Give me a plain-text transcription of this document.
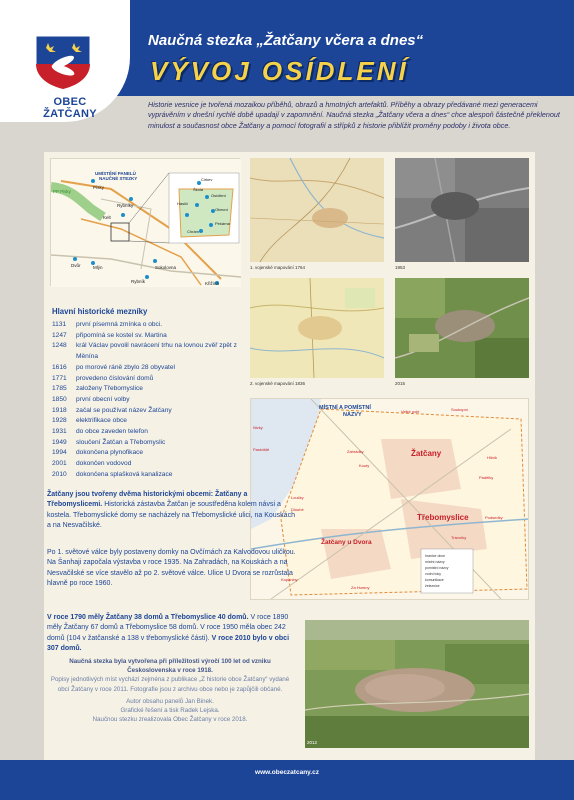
OBEC ŽATČANY
Naučná stezka „Žatčany včera a dnes“
VÝVOJ OSÍDLENÍ
Historie vesnice je tvořená mozaikou příběhů, obrazů a hmotných artefaktů. Příběhy a obrazy předávané mezi generacemi vyprávěním v dnešní rychlé době upadají v zapomnění. Naučná stezka „Žatčany včera a dnes“ chce alespoň částečně překlenout minulost a současnost obce Žatčany a pomocí fotografií a střípků z historie přiblížit proměny podoby i života obce.
UMÍSTĚNÍ PANELŮ
NAUČNÉ STEZKY
PP Pisky
Písky
Rybníky
Kelt
Cirkev
Škola
Osídlení
Hasiči
Obecní
Pekárna
Chrám
Dvůr	Mlýn	Sokolovna
Rybník	Křižina
1. vojenské mapování 1764	1953
2. vojenské mapování 1836	2015
Velké pole	Soukopní
Nivky
Pastviště	Zahrádky
Kouty
Loučky
Dlouhé
Hliník
Padělky
Podsedky
Trávníky
Kopaniny
Za Humny
hranice obce
místní názvy
pomístní názvy
vodní toky
komunikace
železnice
MÍSTNÍ A POMÍSTNÍ
NÁZVY
Žatčany
Třebomyslice
Žatčany u Dvora
2012
Hlavní historické mezníky
1131	první písemná zmínka o obci.
1247	připomíná se kostel sv. Martina
1248	král Václav povolil navrácení trhu na lovnou zvěř zpět z Měnína
1616	po morové ráně zbylo 28 obyvatel
1771	provedeno číslování domů
1785	založeny Třebomyslice
1850	první obecní volby
1918	začal se používat název Žatčany
1928	elektrifikace obce
1931	do obce zaveden telefon
1949	sloučení Žatčan a Třebomyslic
1994	dokončena plynofikace
2001	dokončen vodovod
2010	dokončena splašková kanalizace
Žatčany jsou tvořeny dvěma historickými obcemi: Žatčany a Třebomyslicemi. Historická zástavba Žatčan je soustředěna kolem návsi a kostela. Třebomyslické domy se nacházely na Třebomyslické ulici, na Kouskách a na Nesvačilské.
Po 1. světové válce byly postaveny domky na Ovčírnách za Kalvodovou uličkou. Na Šanhaji započala výstavba v roce 1935. Na Zahradách, na Kouskách a na Nesvačilské se více stavělo až po 2. světové válce. Ulice U Dvora se rozrůstala hlavně po roce 1960.
V roce 1790 měly Žatčany 38 domů a Třebomyslice 40 domů. V roce 1890 měly Žatčany 67 domů a Třebomyslice 58 domů. V roce 1950 měla obec 242 domů (104 v žatčanské a 138 v třebomyslické části). V roce 2010 bylo v obci 307 domů.
Naučná stezka byla vytvořena při příležitosti výročí 100 let od vzniku Československa v roce 1918.
Popisy jednotlivých míst vychází zejména z publikace „Z historie obce Žatčany“ vydané obcí Žatčany v roce 2011. Fotografie jsou z archivu obce nebo je zapůjčili občané.
Autor obsahu panelů Jan Binek.
Grafické řešení a tisk Radek Lejska.
Naučnou stezku zrealizovala Obec Žatčany v roce 2018.
www.obeczatcany.cz
